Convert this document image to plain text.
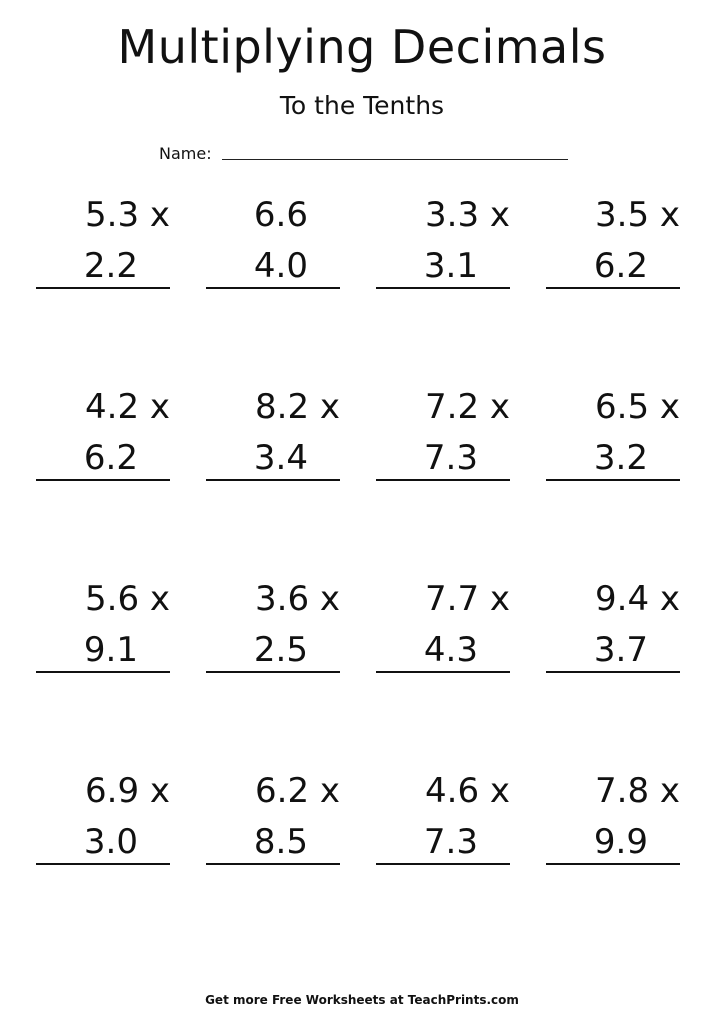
Multiplying Decimals
To the Tenths
Name:
5.3 x
2.2
6.6
4.0
3.3 x
3.1
3.5 x
6.2
4.2 x
6.2
8.2 x
3.4
7.2 x
7.3
6.5 x
3.2
5.6 x
9.1
3.6 x
2.5
7.7 x
4.3
9.4 x
3.7
6.9 x
3.0
6.2 x
8.5
4.6 x
7.3
7.8 x
9.9
Get more Free Worksheets at TeachPrints.com
